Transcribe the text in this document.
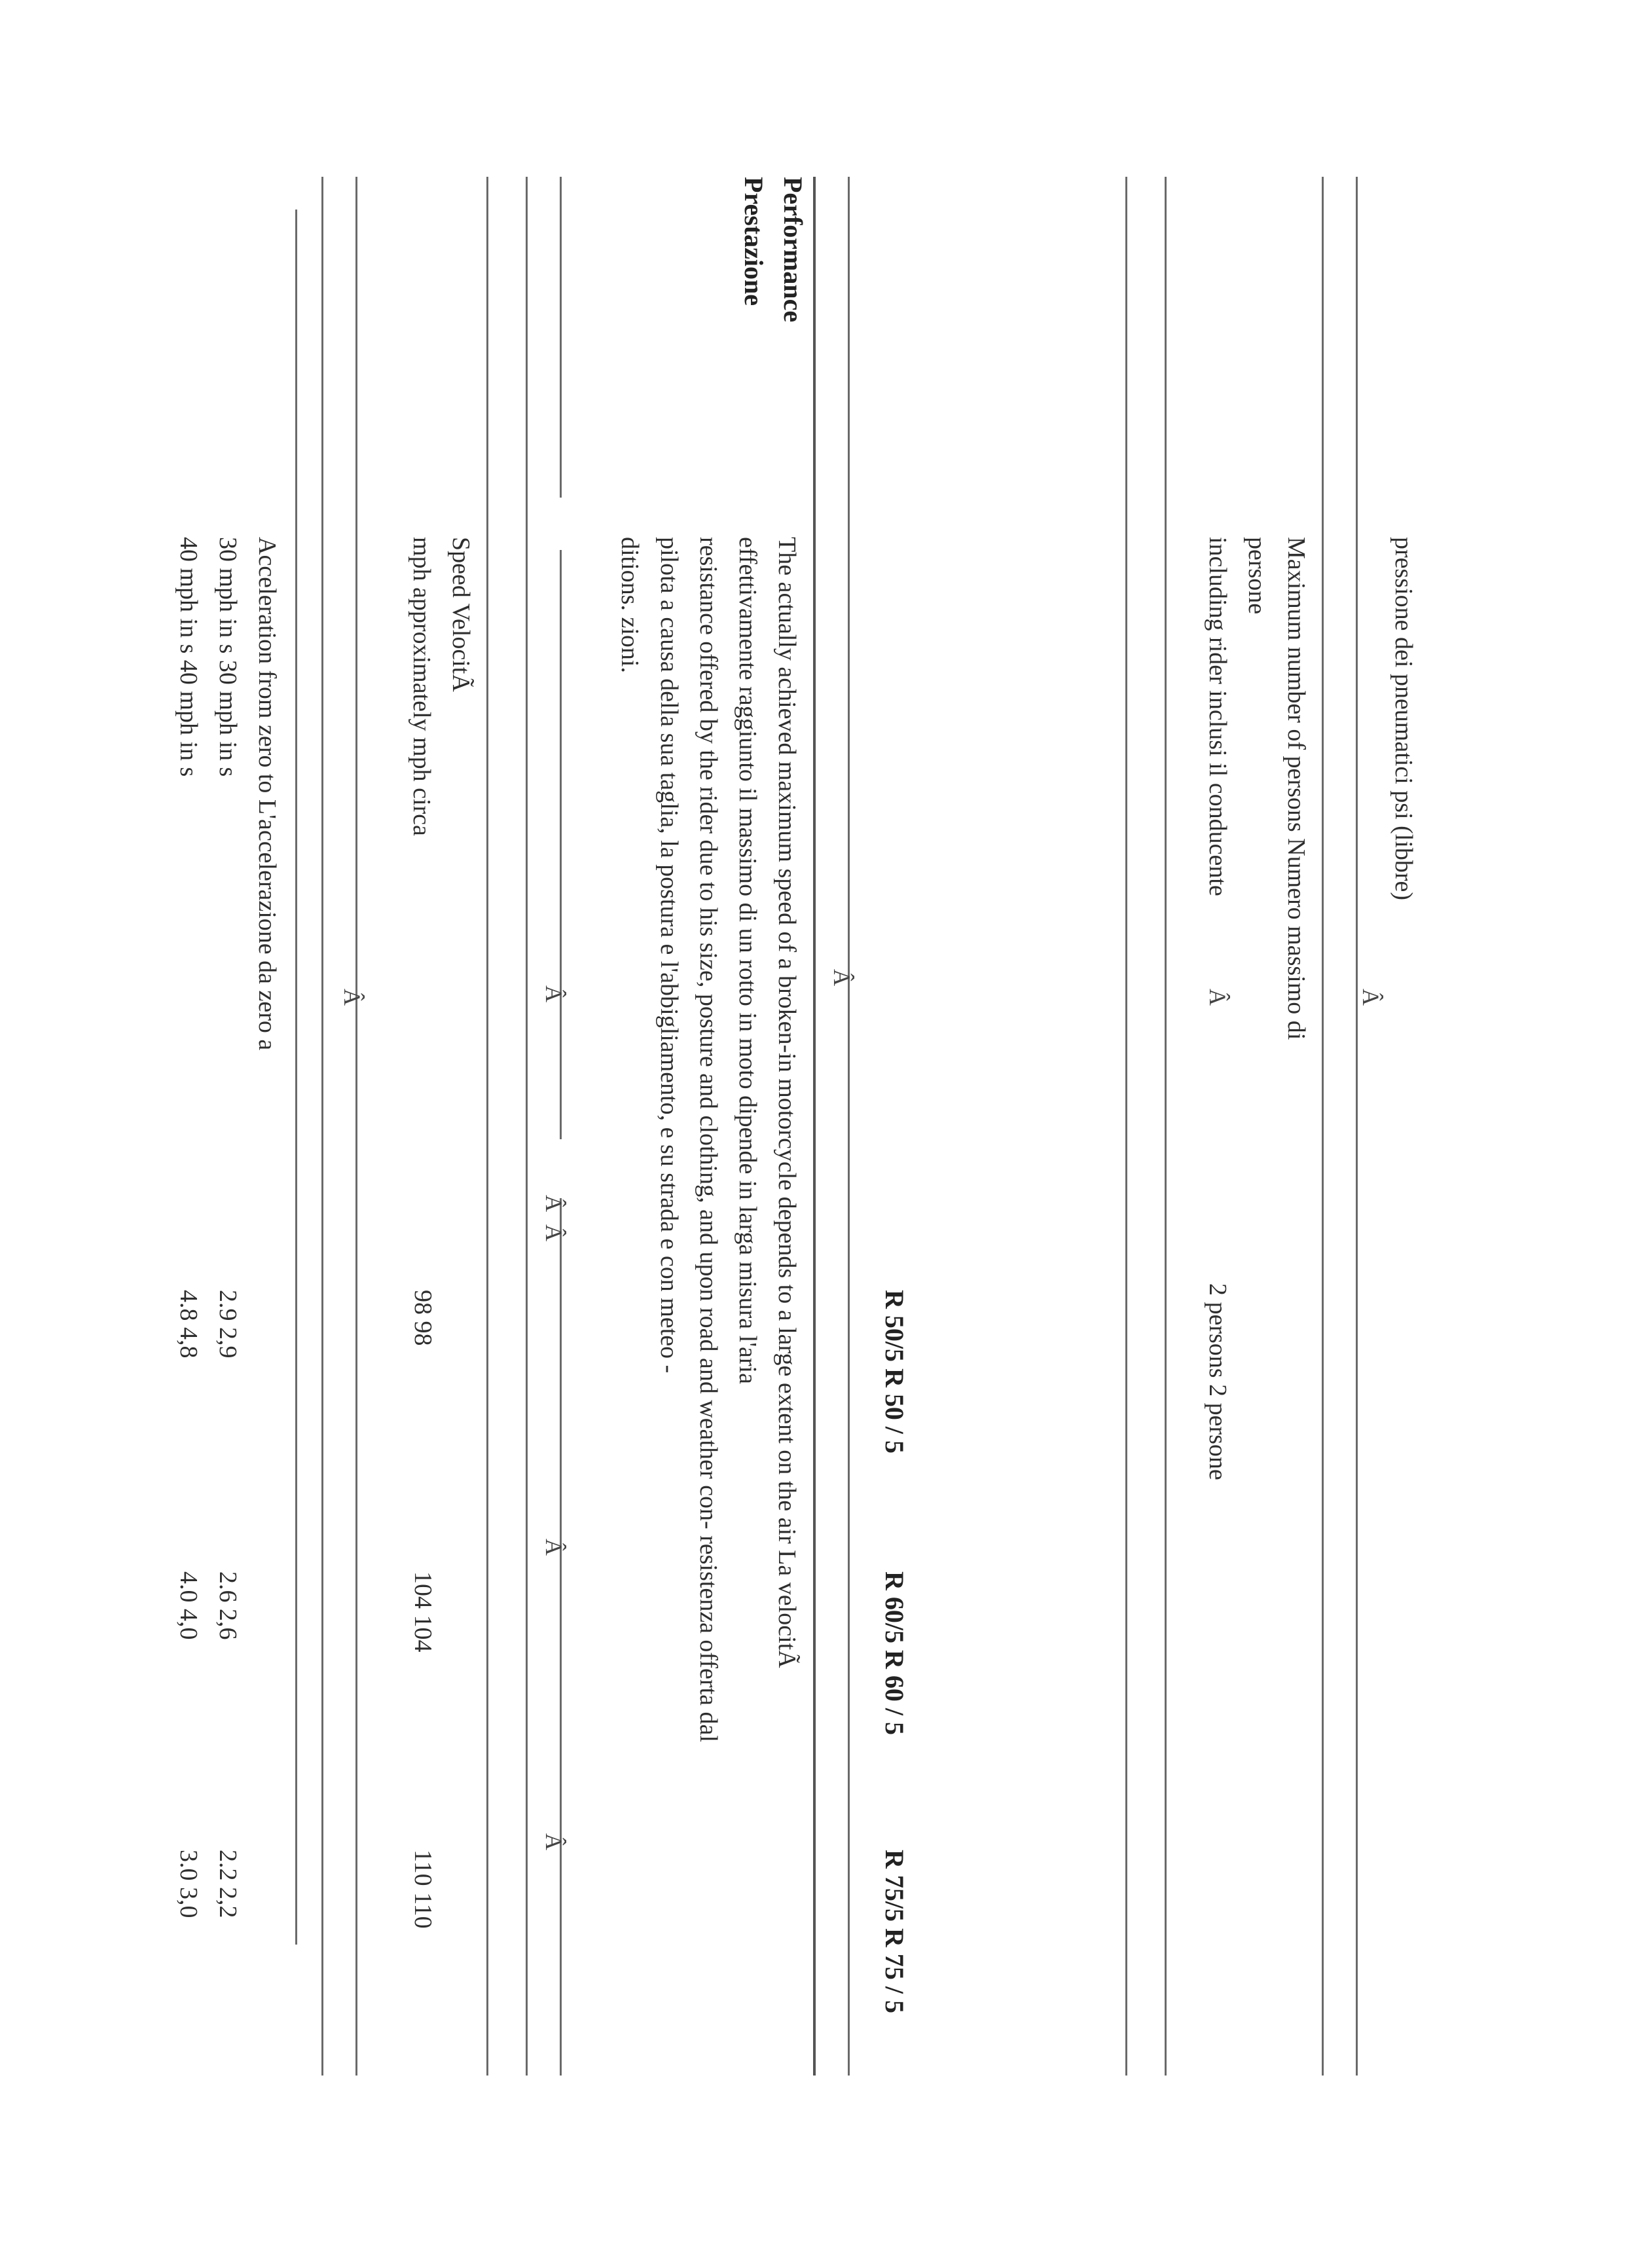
pressione dei pneumatici psi (libbre)
Â
Maximum number of persons Numero massimo di
persone
including rider inclusi il conducente
Â
2 persons 2 persone
R 50/5 R 50 / 5
R 60/5 R 60 / 5
R 75/5 R 75 / 5
Â
Performance
Prestazione
The actually achieved maximum speed of a broken-in motorcycle depends to a large extent on the air La velocitÃ
effettivamente raggiunto il massimo di un rotto in moto dipende in larga misura l'aria
resistance offered by the rider due to his size, posture and clothing, and upon road and weather con- resistenza offerta dal
pilota a causa della sua taglia, la postura e l'abbigliamento, e su strada e con meteo -
ditions. zioni.
Â
Â
Â
Â
Â
Speed VelocitÃ
mph approximately mph circa
Â
98 98
104 104
110 110
Acceleration from zero to L'accelerazione da zero a
30 mph in s 30 mph in s
40 mph in s 40 mph in s
2.9 2,9
2.6 2,6
2.2 2,2
4.8 4,8
4.0 4,0
3.0 3,0
